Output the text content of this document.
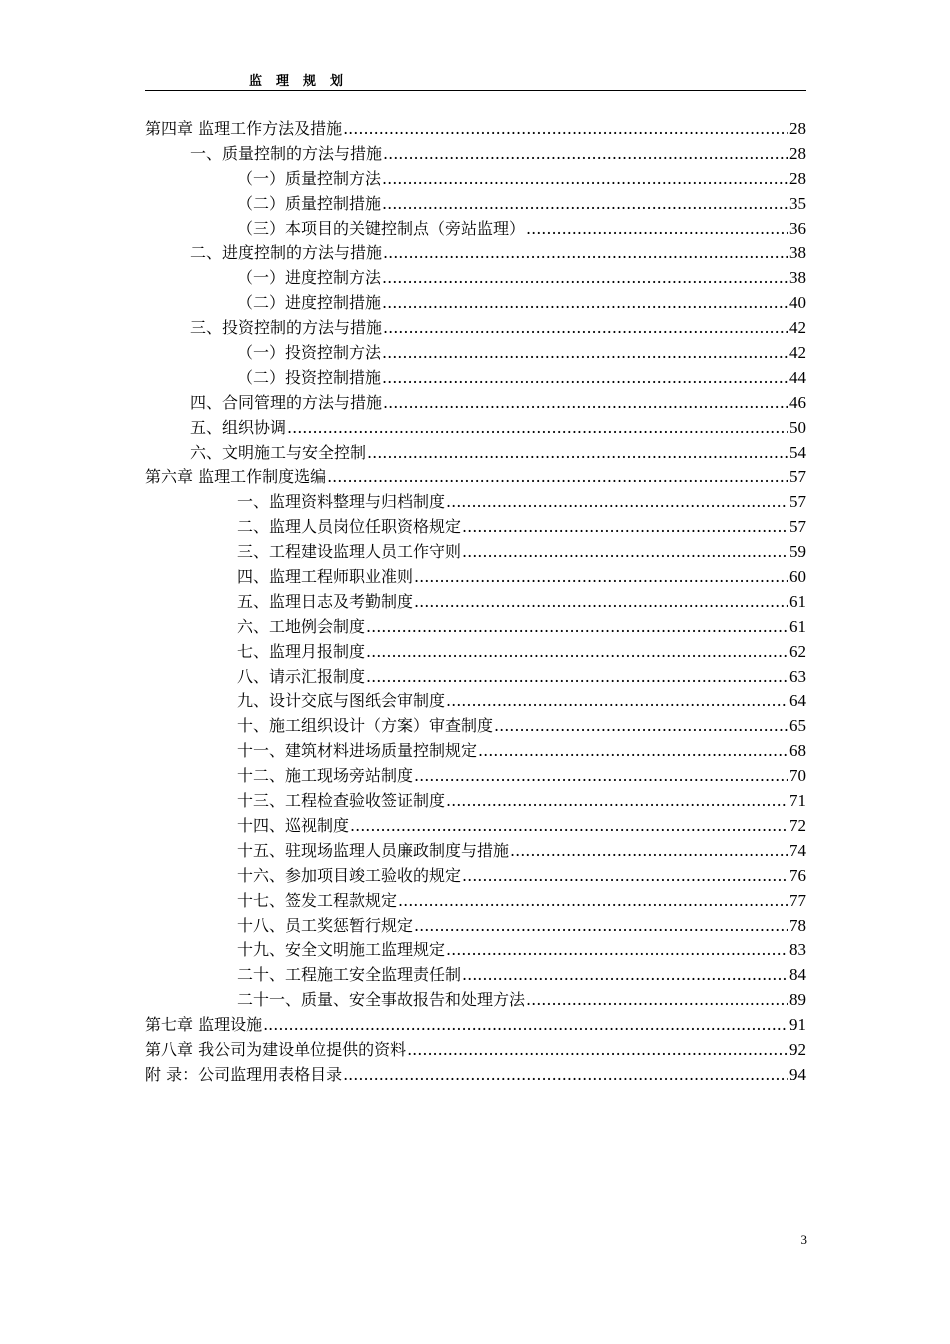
监理规划
第四章 监理工作方法及措施 .....	28
一、质量控制的方法与措施 .....	28
（一）质量控制方法 .....	28
（二）质量控制措施 .....	35
（三）本项目的关键控制点（旁站监理） .....	36
二、进度控制的方法与措施 .....	38
（一）进度控制方法 .....	38
（二）进度控制措施 .....	40
三、投资控制的方法与措施 .....	42
（一）投资控制方法 .....	42
（二）投资控制措施 .....	44
四、合同管理的方法与措施 .....	46
五、组织协调 .....	50
六、文明施工与安全控制 .....	54
第六章 监理工作制度选编 .....	57
一、监理资料整理与归档制度 .....	57
二、监理人员岗位任职资格规定 .....	57
三、工程建设监理人员工作守则 .....	59
四、监理工程师职业准则 .....	60
五、监理日志及考勤制度 .....	61
六、工地例会制度 .....	61
七、监理月报制度 .....	62
八、请示汇报制度 .....	63
九、设计交底与图纸会审制度 .....	64
十、施工组织设计（方案）审查制度 .....	65
十一、建筑材料进场质量控制规定 .....	68
十二、施工现场旁站制度 .....	70
十三、工程检查验收签证制度 .....	71
十四、巡视制度 .....	72
十五、驻现场监理人员廉政制度与措施 .....	74
十六、参加项目竣工验收的规定 .....	76
十七、签发工程款规定 .....	77
十八、员工奖惩暂行规定 .....	78
十九、安全文明施工监理规定 .....	83
二十、工程施工安全监理责任制 .....	84
二十一、质量、安全事故报告和处理方法 .....	89
第七章 监理设施 .....	91
第八章 我公司为建设单位提供的资料 .....	92
附 录：公司监理用表格目录 .....	94
3
